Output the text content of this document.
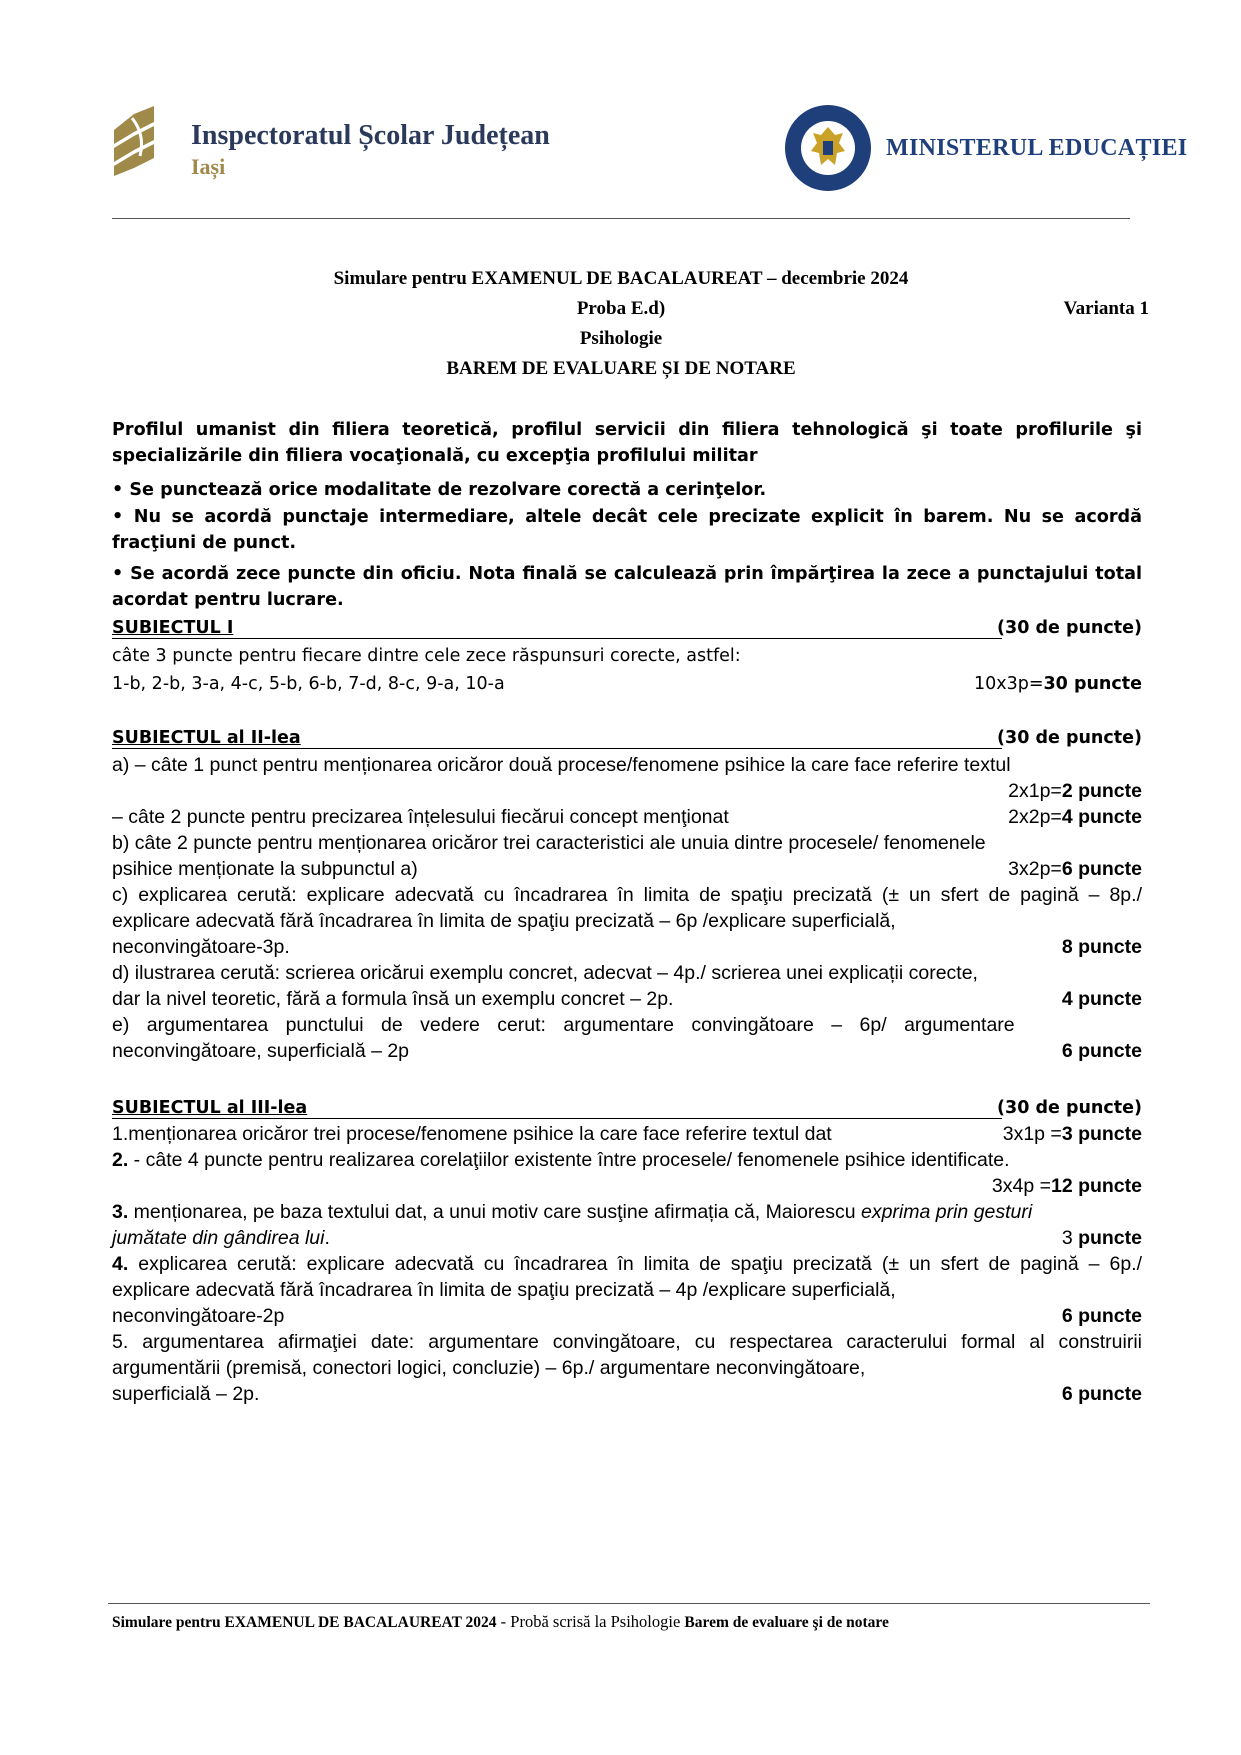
Inspectoratul Școlar Județean
Iași
MINISTERUL EDUCAȚIEI
Simulare pentru EXAMENUL DE BACALAUREAT – decembrie 2024
Proba E.d)	Varianta 1
Psihologie
BAREM DE EVALUARE ȘI DE NOTARE
Profilul umanist din filiera teoretică, profilul servicii din filiera tehnologică şi toate profilurile şi specializările din filiera vocaţională, cu excepţia profilului militar
• Se punctează orice modalitate de rezolvare corectă a cerinţelor.
• Nu se acordă punctaje intermediare, altele decât cele precizate explicit în barem. Nu se acordă fracţiuni de punct.
• Se acordă zece puncte din oficiu. Nota finală se calculează prin împărţirea la zece a punctajului total acordat pentru lucrare.
SUBIECTUL I	(30 de puncte)
câte 3 puncte pentru fiecare dintre cele zece răspunsuri corecte, astfel:
1-b, 2-b, 3-a, 4-c, 5-b, 6-b, 7-d, 8-c, 9-a, 10-a	10x3p=30 puncte
SUBIECTUL al II-lea	(30 de puncte)
a) – câte 1 punct pentru menționarea oricăror două procese/fenomene psihice la care face referire textul
2x1p=2 puncte
– câte 2 puncte pentru precizarea înțelesului fiecărui concept menţionat	2x2p=4 puncte
b) câte 2 puncte pentru menționarea oricăror trei caracteristici ale unuia dintre procesele/ fenomenele
psihice menționate la subpunctul a)	3x2p=6 puncte
c) explicarea cerută: explicare adecvată cu încadrarea în limita de spaţiu precizată (± un sfert de pagină – 8p./ explicare adecvată fără încadrarea în limita de spaţiu precizată – 6p /explicare superficială,
neconvingătoare-3p.	8 puncte
d) ilustrarea cerută: scrierea oricărui exemplu concret, adecvat – 4p./ scrierea unei explicații corecte,
dar la nivel teoretic, fără a formula însă un exemplu concret – 2p.	4 puncte
e) argumentarea punctului de vedere cerut: argumentare convingătoare – 6p/ argumentare
neconvingătoare, superficială – 2p	6 puncte
SUBIECTUL al III-lea	(30 de puncte)
1.menționarea oricăror trei procese/fenomene psihice la care face referire textul dat	3x1p =3 puncte
2. - câte 4 puncte pentru realizarea corelaţiilor existente între procesele/ fenomenele psihice identificate.
3x4p =12 puncte
3. menționarea, pe baza textului dat, a unui motiv care susţine afirmația că, Maiorescu exprima prin gesturi jumătate din gândirea lui.	3 puncte
4. explicarea cerută: explicare adecvată cu încadrarea în limita de spaţiu precizată (± un sfert de pagină – 6p./ explicare adecvată fără încadrarea în limita de spaţiu precizată – 4p /explicare superficială,
neconvingătoare-2p	6 puncte
5. argumentarea afirmaţiei date: argumentare convingătoare, cu respectarea caracterului formal al construirii argumentării (premisă, conectori logici, concluzie) – 6p./ argumentare neconvingătoare,
superficială – 2p.	6 puncte
Simulare pentru EXAMENUL DE BACALAUREAT 2024 - Probă scrisă la Psihologie Barem de evaluare şi de notare
